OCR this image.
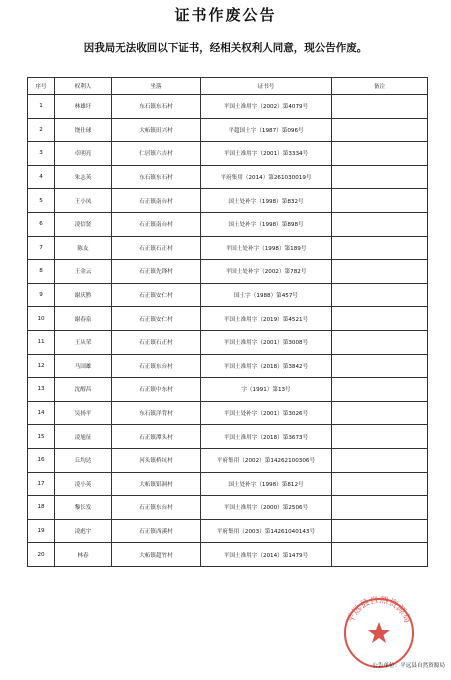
证书作废公告
因我局无法收回以下证书，经相关权利人同意，现公告作废。
序号	权利人	坐落	证书号	备注
1	林雄圩	东石镇东石村	平国土准用字（2002）第4079号	
2	饶仕球	大柘镇田兴村	平超国土字（1987）第096号	
3	卓明亮	仁居镇六吉村	平国土准用字（2001）第3334号	
4	朱志英	东石镇东石村	平府集用（2014）第261030019号	
5	王小凤	石正镇南台村	国土处补字（1998）第832号	
6	凌信贤	石正镇南台村	国土处补字（1998）第898号	
7	陈友	石正镇石正村	平国土处补字（1998）第189号	
8	王金云	石正镇先锋村	平国土处补字（2002）第782号	
9	谢庆黔	石正镇安仁村	国土字（1988）第457号	
10	谢春泉	石正镇安仁村	平国土准用字（2019）第4521号	
11	王从荣	石正镇石正村	平国土准用字（2001）第3008号	
12	马国雄	石正镇东台村	平国土准用字（2018）第3842号	
13	沈醇昌	石正镇中东村	字（1991）第13号	
14	吴扬平	东石镇洋背村	平国土处补字（2001）第3026号	
15	凌旭征	石正镇潭头村	平国土准用字（2018）第3673号	
16	丘均达	河头镇桥坑村	平府集用（2002）第14262100306号	
17	凌小英	大柘镇铝洞村	国土处补字（1998）第812号	
18	黎长发	石正镇东台村	平国土准用字（2000）第2506号	
19	凌彪宇	石正镇西溪村	平府集用（2003）第14261040143号	
20	林春	大柘镇超竹村	平国土准用字（2014）第1479号	
平远县自然资源局
公告单位：平远县自然资源局
